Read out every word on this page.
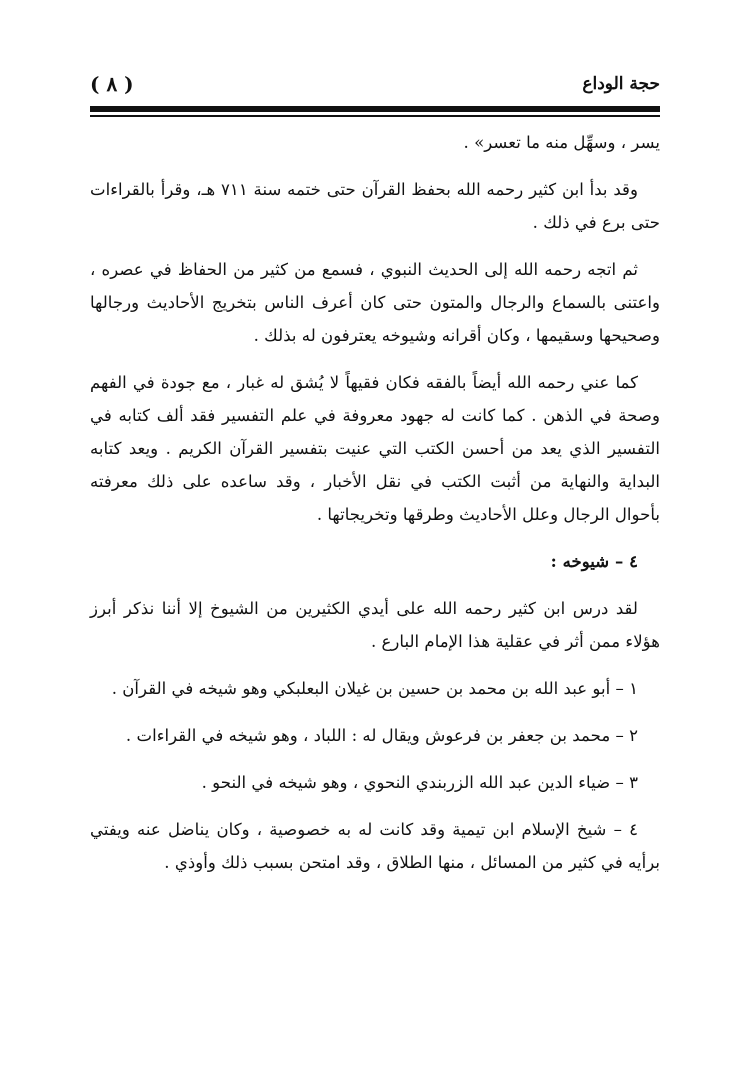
حجة الوداع
( ٨ )

يسر ، وسهِّل منه ما تعسر» .

وقد بدأ ابن كثير رحمه الله بحفظ القرآن حتى ختمه سنة ٧١١ هـ، وقرأ بالقراءات حتى برع في ذلك .

ثم اتجه رحمه الله إلى الحديث النبوي ، فسمع من كثير من الحفاظ في عصره ، واعتنى بالسماع والرجال والمتون حتى كان أعرف الناس بتخريج الأحاديث ورجالها وصحيحها وسقيمها ، وكان أقرانه وشيوخه يعترفون له بذلك .

كما عني رحمه الله أيضاً بالفقه فكان فقيهاً لا يُشق له غبار ، مع جودة في الفهم وصحة في الذهن . كما كانت له جهود معروفة في علم التفسير فقد ألف كتابه في التفسير الذي يعد من أحسن الكتب التي عنيت بتفسير القرآن الكريم . ويعد كتابه البداية والنهاية من أثبت الكتب في نقل الأخبار ، وقد ساعده على ذلك معرفته بأحوال الرجال وعلل الأحاديث وطرقها وتخريجاتها .

٤ – شيوخه :

لقد درس ابن كثير رحمه الله على أيدي الكثيرين من الشيوخ إلا أننا نذكر أبرز هؤلاء ممن أثر في عقلية هذا الإمام البارع .

١ – أبو عبد الله بن محمد بن حسين بن غيلان البعلبكي وهو شيخه في القرآن .

٢ – محمد بن جعفر بن فرعوش ويقال له : اللباد ، وهو شيخه في القراءات .

٣ – ضياء الدين عبد الله الزربندي النحوي ، وهو شيخه في النحو .

٤ – شيخ الإسلام ابن تيمية وقد كانت له به خصوصية ، وكان يناضل عنه ويفتي برأيه في كثير من المسائل ، منها الطلاق ، وقد امتحن بسبب ذلك وأوذي .
